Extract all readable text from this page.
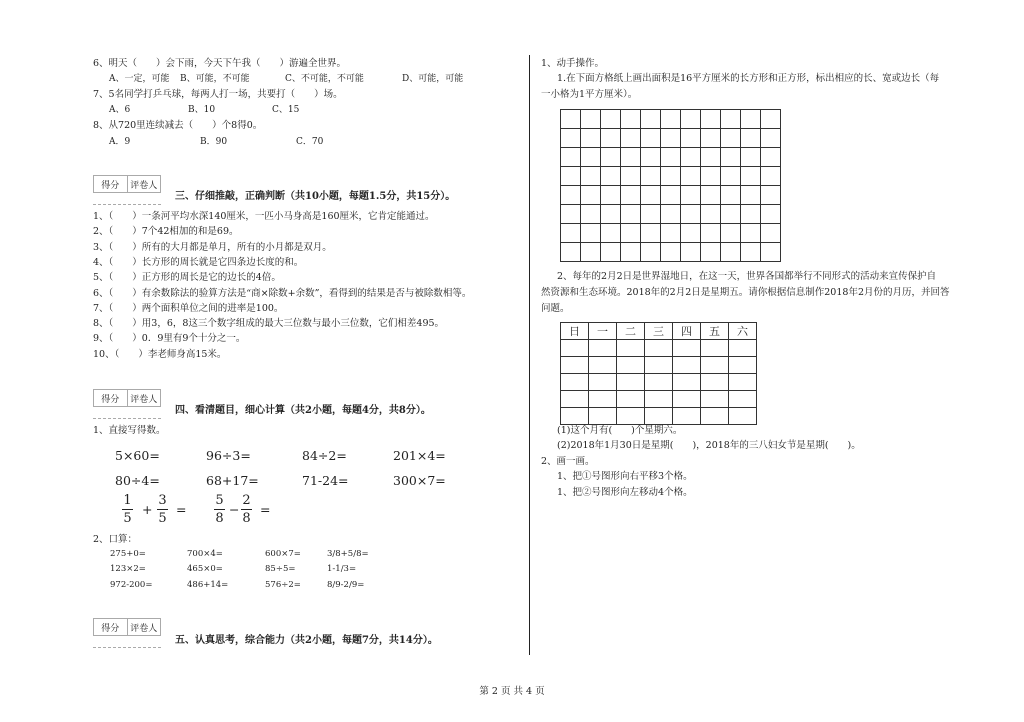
6、明天（　　）会下雨，今天下午我（　　）游遍全世界。
A、一定，可能 B、可能，不可能	C、不可能，不可能	D、可能，可能
7、5名同学打乒乓球，每两人打一场，共要打（　　）场。
A、6	B、10	C、15
8、从720里连续减去（　　）个8得0。
A．9	B．90	C．70
得分	评卷人
三、仔细推敲，正确判断（共10小题，每题1.5分，共15分）。
1、（　　）一条河平均水深140厘米，一匹小马身高是160厘米，它肯定能通过。
2、（　　）7个42相加的和是69。
3、（　　）所有的大月都是单月，所有的小月都是双月。
4、（　　）长方形的周长就是它四条边长度的和。
5、（　　）正方形的周长是它的边长的4倍。
6、（　　）有余数除法的验算方法是“商×除数+余数”，看得到的结果是否与被除数相等。
7、（　　）两个面积单位之间的进率是100。
8、（　　）用3，6，8这三个数字组成的最大三位数与最小三位数，它们相差495。
9、（　　）0．9里有9个十分之一。
10、（　　）李老师身高15米。
得分	评卷人
四、看清题目，细心计算（共2小题，每题4分，共8分）。
1、直接写得数。
5×60=	96÷3=	84÷2=	201×4=
80÷4=	68+17=	71-24=	300×7=
1
5
+
3
5
=
5
8
−
2
8
=
2、口算：
275+0=	700×4=	600×7=	3/8+5/8=
123×2=	465×0=	85÷5=	1-1/3=
972-200=	486+14=	576÷2=	8/9-2/9=
得分	评卷人
五、认真思考，综合能力（共2小题，每题7分，共14分）。
1、动手操作。
1.在下面方格纸上画出面积是16平方厘米的长方形和正方形，标出相应的长、宽或边长（每
一小格为1平方厘米）。

2、每年的2月2日是世界湿地日，在这一天，世界各国都举行不同形式的活动来宣传保护自
然资源和生态环境。2018年的2月2日是星期五。请你根据信息制作2018年2月份的月历，并回答
问题。
日	一	二	三	四	五	六

(1)这个月有(　　)个星期六。
(2)2018年1月30日是星期(　　)，2018年的三八妇女节是星期(　　)。
2、画一画。
1、把①号图形向右平移3个格。
1、把②号图形向左移动4个格。
第 2 页 共 4 页
